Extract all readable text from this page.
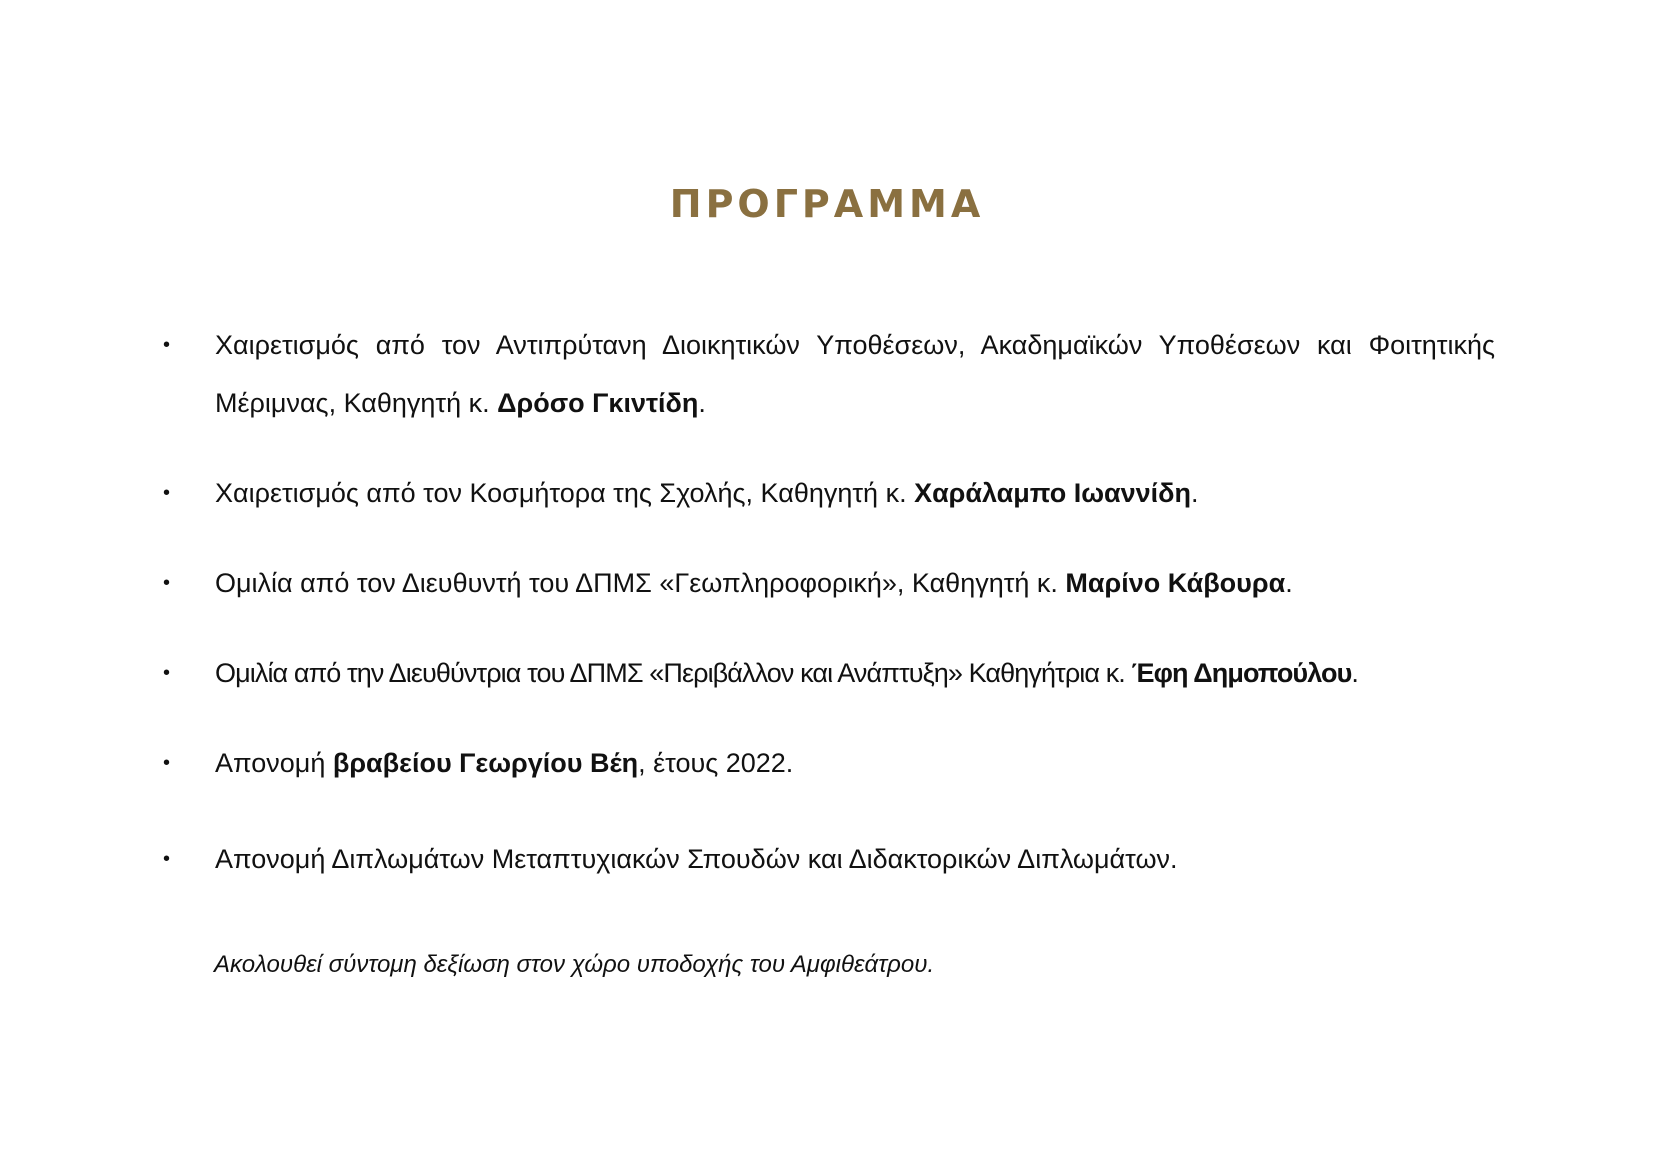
ΠΡΟΓΡΑΜΜΑ
• Χαιρετισμός από τον Αντιπρύτανη Διοικητικών Υποθέσεων, Ακαδημαϊκών Υποθέσεων και Φοιτητικής Μέριμνας, Καθηγητή κ. Δρόσο Γκιντίδη.
• Χαιρετισμός από τον Κοσμήτορα της Σχολής, Καθηγητή κ. Χαράλαμπο Ιωαννίδη.
• Ομιλία από τον Διευθυντή του ΔΠΜΣ «Γεωπληροφορική», Καθηγητή κ. Μαρίνο Κάβουρα.
• Ομιλία από την Διευθύντρια του ΔΠΜΣ «Περιβάλλον και Ανάπτυξη» Καθηγήτρια κ. Έφη Δημοπούλου.
• Απονομή βραβείου Γεωργίου Βέη, έτους 2022.
• Απονομή Διπλωμάτων Μεταπτυχιακών Σπουδών και Διδακτορικών Διπλωμάτων.
Ακολουθεί σύντομη δεξίωση στον χώρο υποδοχής του Αμφιθεάτρου.
